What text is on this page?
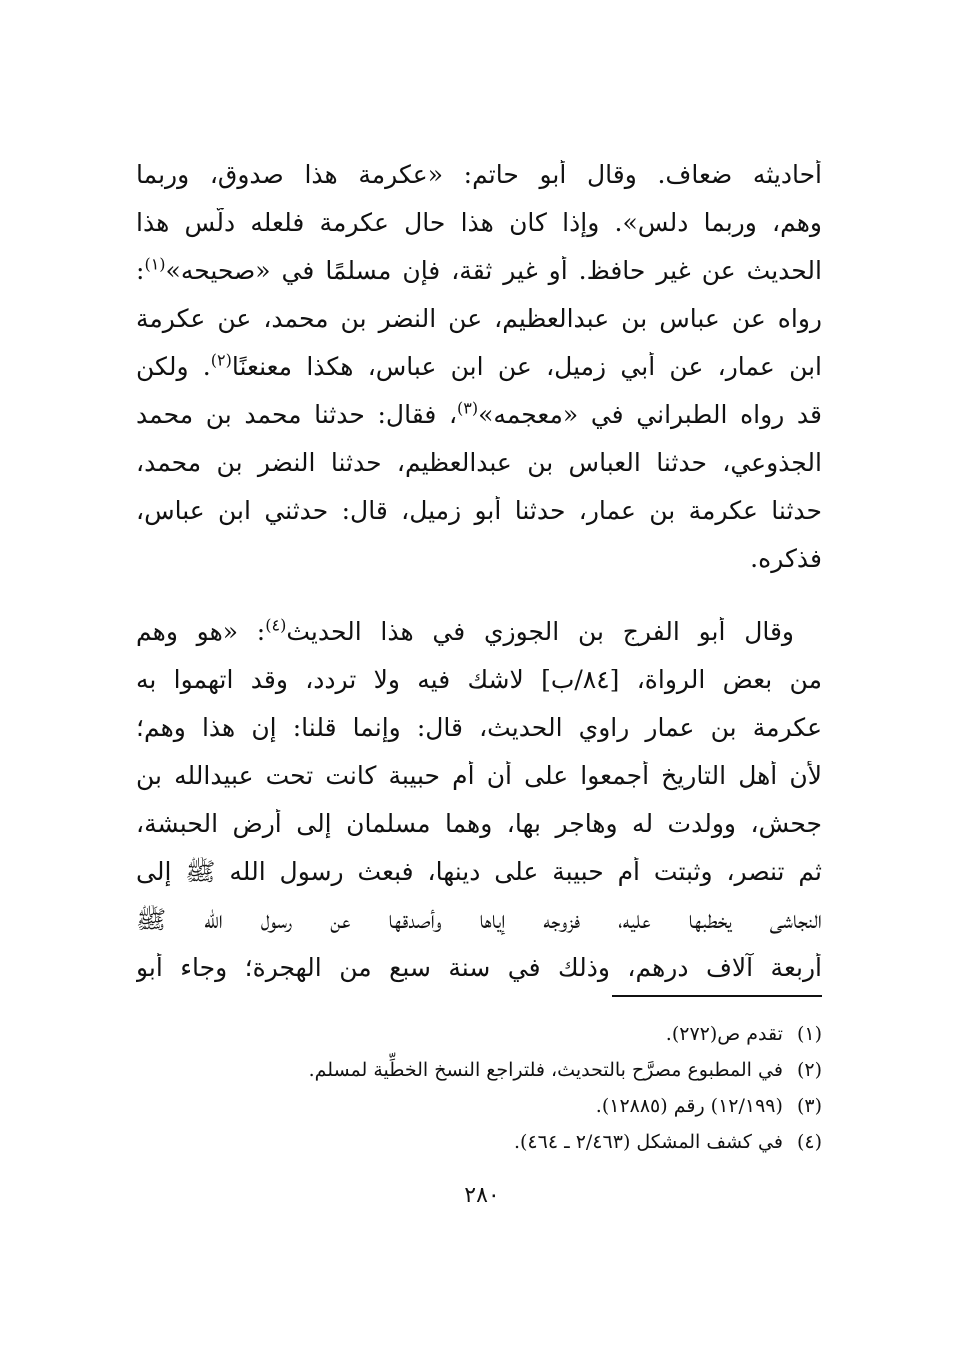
أحاديثه ضعاف. وقال أبو حاتم: «عكرمة هذا صدوق، وربما
وهم، وربما دلس». وإذا كان هذا حال عكرمة فلعله دلَّس هذا
الحديث عن غير حافظ. أو غير ثقة، فإن مسلمًا في «صحيحه»$^{(١)}$:
رواه عن عباس بن عبدالعظيم، عن النضر بن محمد، عن عكرمة
ابن عمار، عن أبي زميل، عن ابن عباس، هكذا معنعنًا$^{(٢)}$. ولكن
قد رواه الطبراني في «معجمه»$^{(٣)}$، فقال: حدثنا محمد بن محمد
الجذوعي، حدثنا العباس بن عبدالعظيم، حدثنا النضر بن محمد،
حدثنا عكرمة بن عمار، حدثنا أبو زميل، قال: حدثني ابن عباس،
فذكره.
وقال أبو الفرج بن الجوزي في هذا الحديث$^{(٤)}$: «هو وهم
من بعض الرواة، [٨٤/ب] لاشك فيه ولا تردد، وقد اتهموا به
عكرمة بن عمار راوي الحديث، قال: وإنما قلنا: إن هذا وهم؛
لأن أهل التاريخ أجمعوا على أن أم حبيبة كانت تحت عبيدالله بن
جحش، وولدت له وهاجر بها، وهما مسلمان إلى أرض الحبشة،
ثم تنصر، وثبتت أم حبيبة على دينها، فبعث رسول الله ﷺ إلى
النجاشي يخطبها عليه، فزوجه إياها وأصدقها عن رسول الله ﷺ
أربعة آلاف درهم، وذلك في سنة سبع من الهجرة؛ وجاء أبو
(١)تقدم ص(٢٧٢).
(٢)في المطبوع مصرَّح بالتحديث، فلتراجع النسخ الخطِّية لمسلم.
(٣)(١٢/١٩٩) رقم (١٢٨٨٥).
(٤)في كشف المشكل (٢/٤٦٣ ـ ٤٦٤).
٢٨٠
